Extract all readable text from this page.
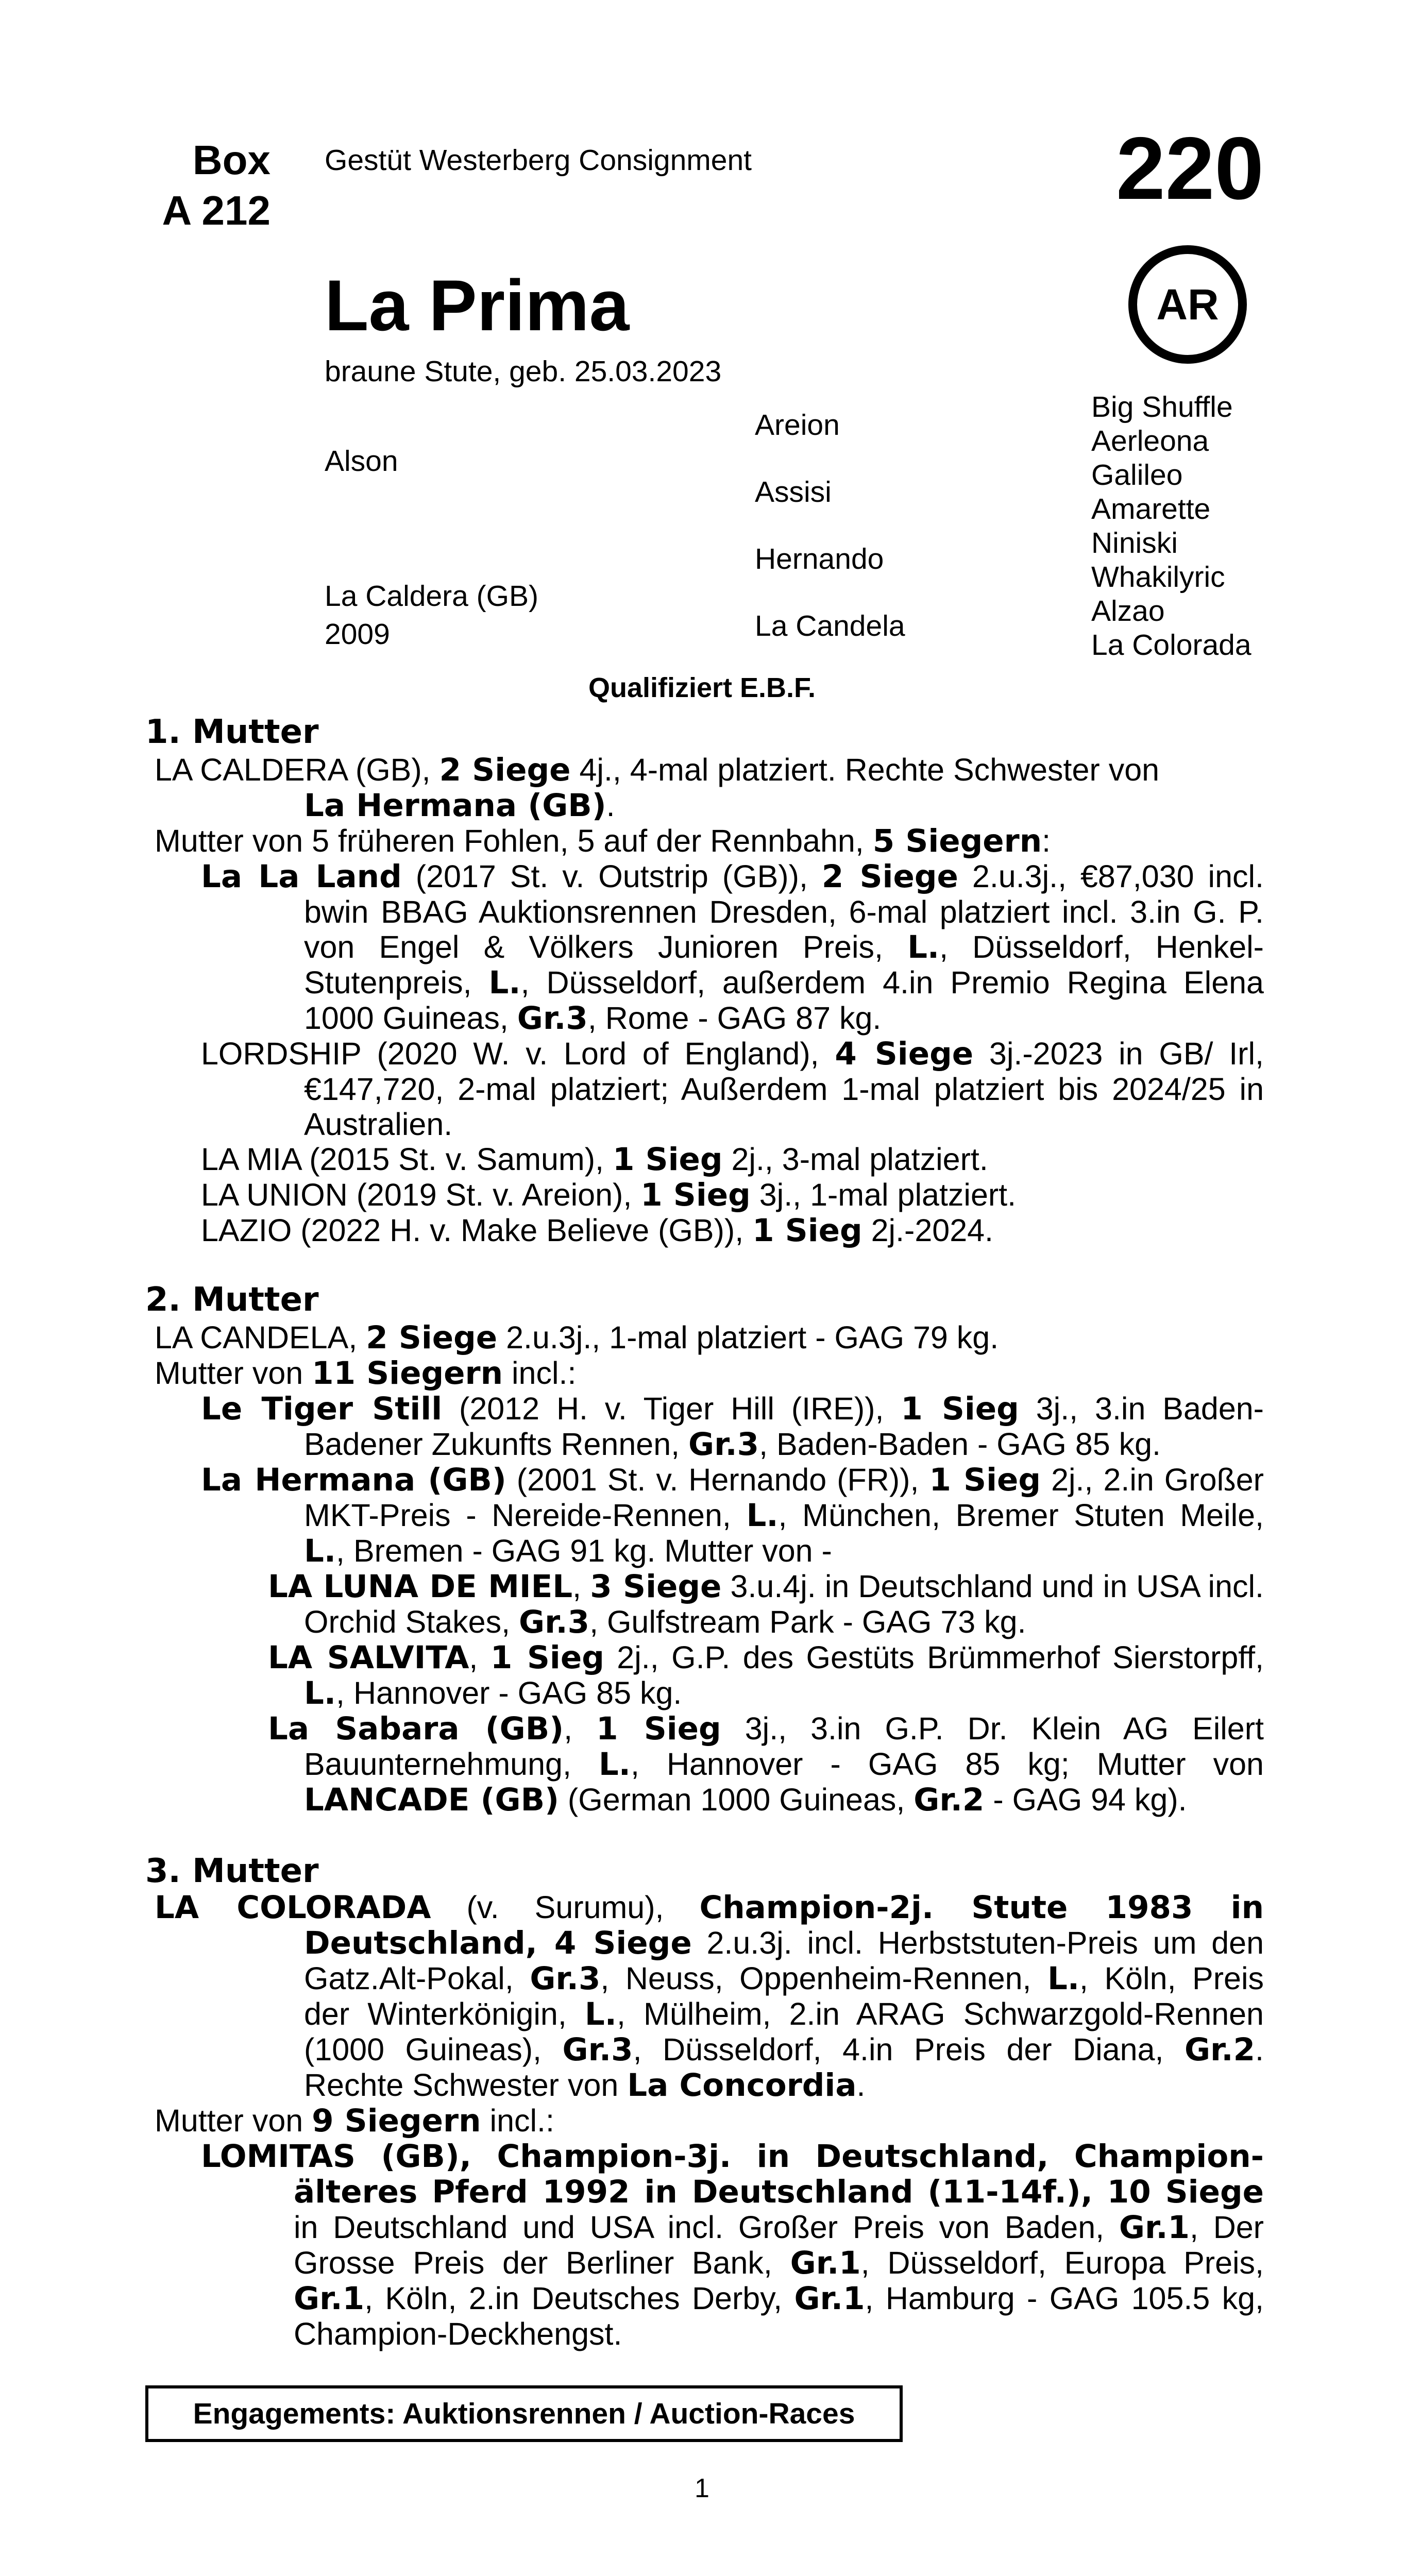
Box
A 212
Gestüt Westerberg Consignment	220
La Prima	AR
braune Stute, geb. 25.03.2023
Alson
La Caldera (GB)
2009
Areion
Assisi
Hernando
La Candela
Big Shuffle
Aerleona
Galileo
Amarette
Niniski
Whakilyric
Alzao
La Colorada
Qualifiziert E.B.F.
1. Mutter
LA CALDERA (GB), 2 Siege 4j., 4-mal platziert. Rechte Schwester von
La Hermana (GB).
Mutter von 5 früheren Fohlen, 5 auf der Rennbahn, 5 Siegern:
La La Land (2017 St. v. Outstrip (GB)), 2 Siege 2.u.3j., €87,030 incl. bwin BBAG Auktionsrennen Dresden, 6-mal platziert incl. 3.in G. P. von Engel & Völkers Junioren Preis, L., Düsseldorf, Henkel-Stutenpreis, L., Düsseldorf, außerdem 4.in Premio Regina Elena 1000 Guineas, Gr.3, Rome - GAG 87 kg.
LORDSHIP (2020 W. v. Lord of England), 4 Siege 3j.-2023 in GB/ Irl, €147,720, 2-mal platziert; Außerdem 1-mal platziert bis 2024/25 in Australien.
LA MIA (2015 St. v. Samum), 1 Sieg 2j., 3-mal platziert.
LA UNION (2019 St. v. Areion), 1 Sieg 3j., 1-mal platziert.
LAZIO (2022 H. v. Make Believe (GB)), 1 Sieg 2j.-2024.
2. Mutter
LA CANDELA, 2 Siege 2.u.3j., 1-mal platziert - GAG 79 kg.
Mutter von 11 Siegern incl.:
Le Tiger Still (2012 H. v. Tiger Hill (IRE)), 1 Sieg 3j., 3.in Baden-Badener Zukunfts Rennen, Gr.3, Baden-Baden - GAG 85 kg.
La Hermana (GB) (2001 St. v. Hernando (FR)), 1 Sieg 2j., 2.in Großer MKT-Preis - Nereide-Rennen, L., München, Bremer Stuten Meile, L., Bremen - GAG 91 kg. Mutter von -
LA LUNA DE MIEL, 3 Siege 3.u.4j. in Deutschland und in USA incl. Orchid Stakes, Gr.3, Gulfstream Park - GAG 73 kg.
LA SALVITA, 1 Sieg 2j., G.P. des Gestüts Brümmerhof Sierstorpff, L., Hannover - GAG 85 kg.
La Sabara (GB), 1 Sieg 3j., 3.in G.P. Dr. Klein AG Eilert Bauunternehmung, L., Hannover - GAG 85 kg; Mutter von LANCADE (GB) (German 1000 Guineas, Gr.2 - GAG 94 kg).
3. Mutter
LA COLORADA (v. Surumu), Champion-2j. Stute 1983 in Deutschland, 4 Siege 2.u.3j. incl. Herbststuten-Preis um den Gatz.Alt-Pokal, Gr.3, Neuss, Oppenheim-Rennen, L., Köln, Preis der Winterkönigin, L., Mülheim, 2.in ARAG Schwarzgold-Rennen (1000 Guineas), Gr.3, Düsseldorf, 4.in Preis der Diana, Gr.2. Rechte Schwester von La Concordia.
Mutter von 9 Siegern incl.:
LOMITAS (GB), Champion-3j. in Deutschland, Champion-älteres Pferd 1992 in Deutschland (11-14f.), 10 Siege in Deutschland und USA incl. Großer Preis von Baden, Gr.1, Der Grosse Preis der Berliner Bank, Gr.1, Düsseldorf, Europa Preis, Gr.1, Köln, 2.in Deutsches Derby, Gr.1, Hamburg - GAG 105.5 kg, Champion-Deckhengst.
Engagements: Auktionsrennen / Auction-Races
1
